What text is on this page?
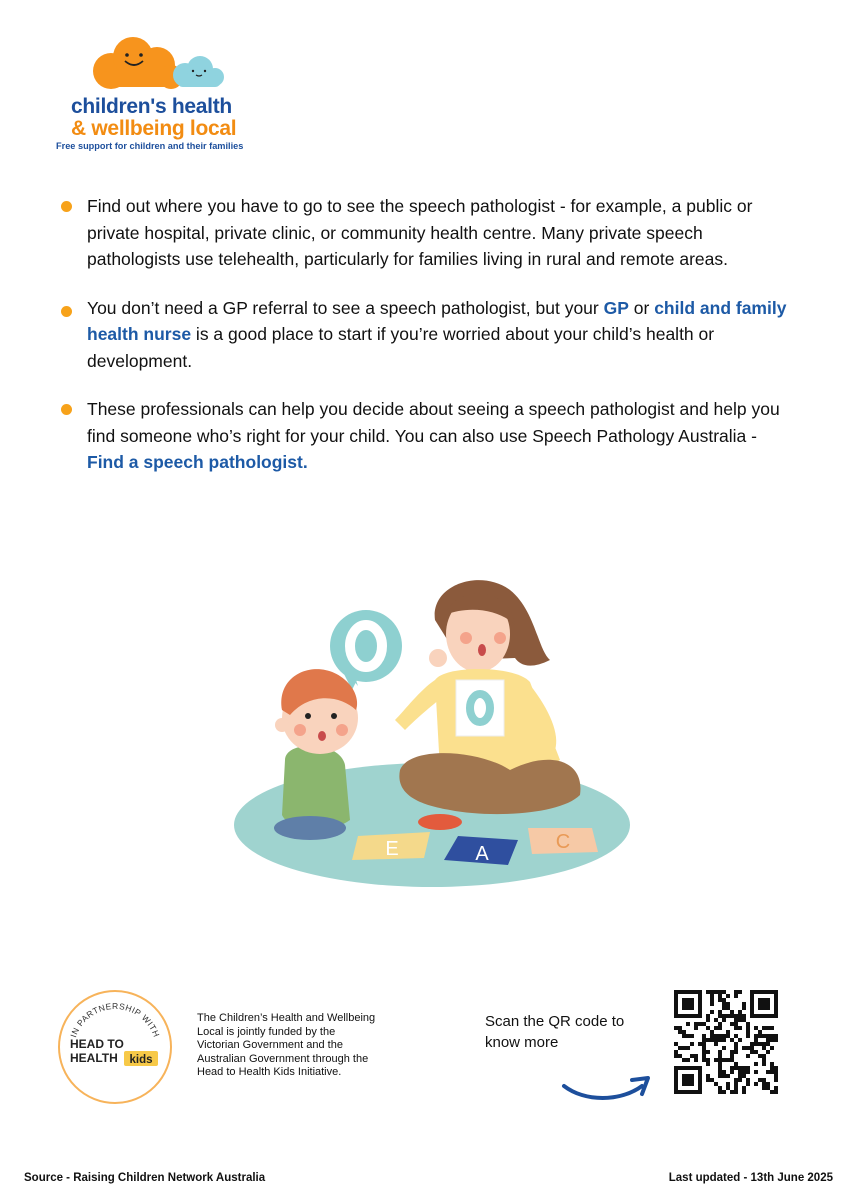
children's health
& wellbeing local
Free support for children and their families
Find out where you have to go to see the speech pathologist - for example, a public or private hospital, private clinic, or community health centre. Many private speech pathologists use telehealth, particularly for families living in rural and remote areas.
You don’t need a GP referral to see a speech pathologist, but your GP or child and family health nurse is a good place to start if you’re worried about your child’s health or development.
These professionals can help you decide about seeing a speech pathologist and help you find someone who’s right for your child. You can also use Speech Pathology Australia - Find a speech pathologist.
E	A
C
IN PARTNERSHIP WITH
HEAD TO
HEALTH kids
The Children’s Health and Wellbeing Local is jointly funded by the Victorian Government and the Australian Government through the Head to Health Kids Initiative.
Scan the QR code to know more
Source - Raising Children Network Australia	Last updated - 13th June 2025
